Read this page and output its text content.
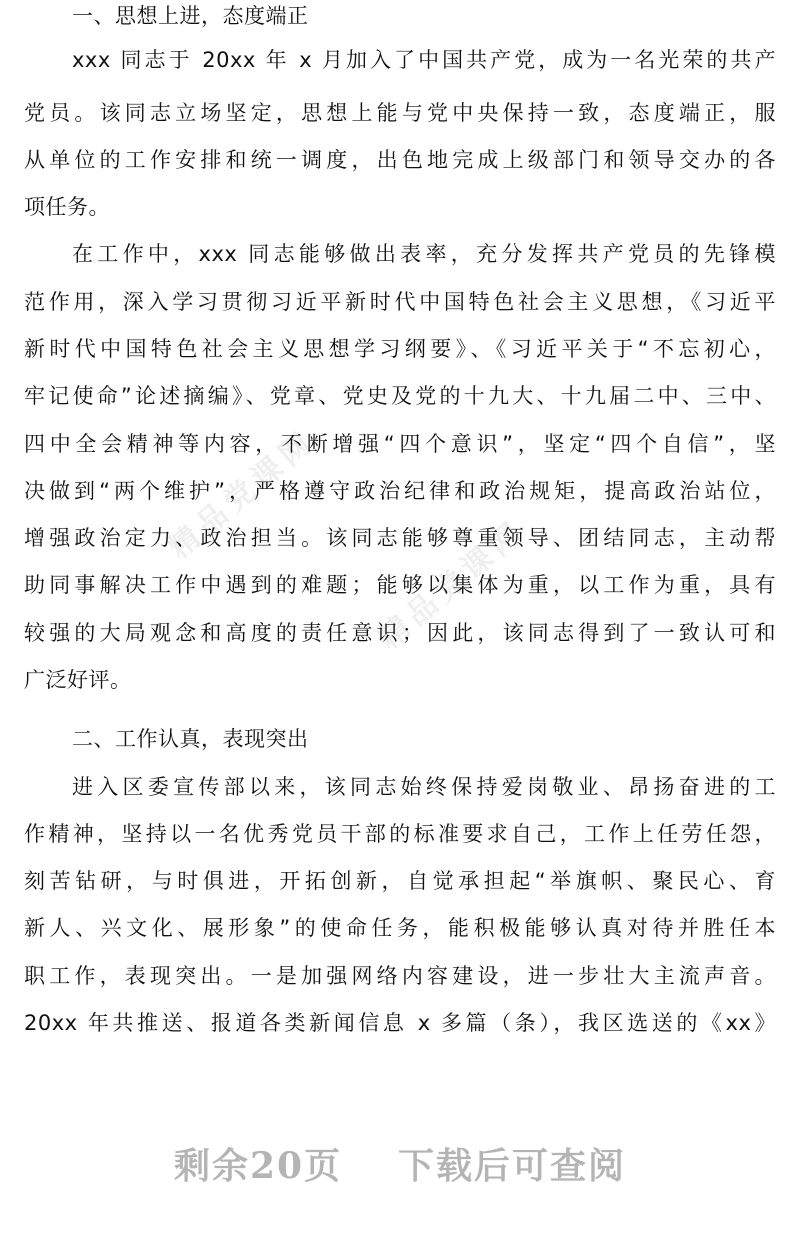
精品党课网
精品党课网
一、思想上进，态度端正
xxx 同志于 20xx 年 x 月加入了中国共产党，成为一名光荣的共产
党员。该同志立场坚定，思想上能与党中央保持一致，态度端正，服
从单位的工作安排和统一调度，出色地完成上级部门和领导交办的各
项任务。
在工作中，xxx 同志能够做出表率，充分发挥共产党员的先锋模
范作用，深入学习贯彻习近平新时代中国特色社会主义思想，《习近平
新时代中国特色社会主义思想学习纲要》、《习近平关于“不忘初心，
牢记使命”论述摘编》、党章、党史及党的十九大、十九届二中、三中、
四中全会精神等内容，不断增强“四个意识”，坚定“四个自信”，坚
决做到“两个维护”，严格遵守政治纪律和政治规矩，提高政治站位，
增强政治定力、政治担当。该同志能够尊重领导、团结同志，主动帮
助同事解决工作中遇到的难题；能够以集体为重，以工作为重，具有
较强的大局观念和高度的责任意识；因此，该同志得到了一致认可和
广泛好评。
二、工作认真，表现突出
进入区委宣传部以来，该同志始终保持爱岗敬业、昂扬奋进的工
作精神，坚持以一名优秀党员干部的标准要求自己，工作上任劳任怨，
刻苦钻研，与时俱进，开拓创新，自觉承担起“举旗帜、聚民心、育
新人、兴文化、展形象”的使命任务，能积极能够认真对待并胜任本
职工作，表现突出。一是加强网络内容建设，进一步壮大主流声音。
20xx 年共推送、报道各类新闻信息 x 多篇（条），我区选送的《xx》
剩余20页 下载后可查阅
